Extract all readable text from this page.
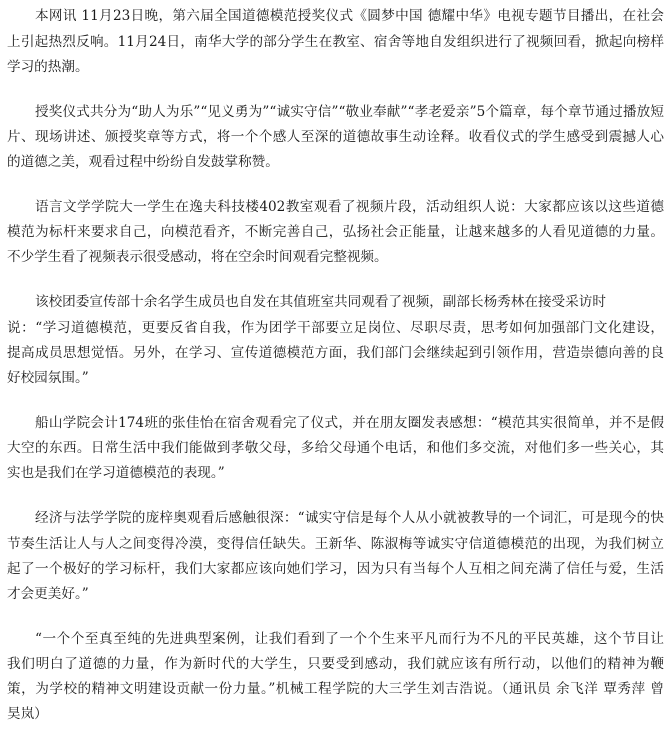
本网讯 11月23日晚，第六届全国道德模范授奖仪式《圆梦中国 德耀中华》电视专题节目播出，在社会
上引起热烈反响。11月24日，南华大学的部分学生在教室、宿舍等地自发组织进行了视频回看，掀起向榜样
学习的热潮。

授奖仪式共分为“助人为乐”“见义勇为”“诚实守信”“敬业奉献”“孝老爱亲”5个篇章，每个章节通过播放短
片、现场讲述、颁授奖章等方式，将一个个感人至深的道德故事生动诠释。收看仪式的学生感受到震撼人心
的道德之美，观看过程中纷纷自发鼓掌称赞。

语言文学学院大一学生在逸夫科技楼402教室观看了视频片段，活动组织人说：大家都应该以这些道德
模范为标杆来要求自己，向模范看齐，不断完善自己，弘扬社会正能量，让越来越多的人看见道德的力量。
不少学生看了视频表示很受感动，将在空余时间观看完整视频。

该校团委宣传部十余名学生成员也自发在其值班室共同观看了视频，副部长杨秀林在接受采访时
说：“学习道德模范，更要反省自我，作为团学干部要立足岗位、尽职尽责，思考如何加强部门文化建设，
提高成员思想觉悟。另外，在学习、宣传道德模范方面，我们部门会继续起到引领作用，营造崇德向善的良
好校园氛围。”

船山学院会计174班的张佳怡在宿舍观看完了仪式，并在朋友圈发表感想：“模范其实很简单，并不是假
大空的东西。日常生活中我们能做到孝敬父母，多给父母通个电话，和他们多交流，对他们多一些关心，其
实也是我们在学习道德模范的表现。”

经济与法学学院的庞梓奥观看后感触很深：“诚实守信是每个人从小就被教导的一个词汇，可是现今的快
节奏生活让人与人之间变得冷漠，变得信任缺失。王新华、陈淑梅等诚实守信道德模范的出现，为我们树立
起了一个极好的学习标杆，我们大家都应该向她们学习，因为只有当每个人互相之间充满了信任与爱，生活
才会更美好。”

“一个个至真至纯的先进典型案例，让我们看到了一个个生来平凡而行为不凡的平民英雄，这个节目让
我们明白了道德的力量，作为新时代的大学生，只要受到感动，我们就应该有所行动，以他们的精神为鞭
策，为学校的精神文明建设贡献一份力量。”机械工程学院的大三学生刘吉浩说。（通讯员 余飞洋 覃秀萍 曾
昊岚）
